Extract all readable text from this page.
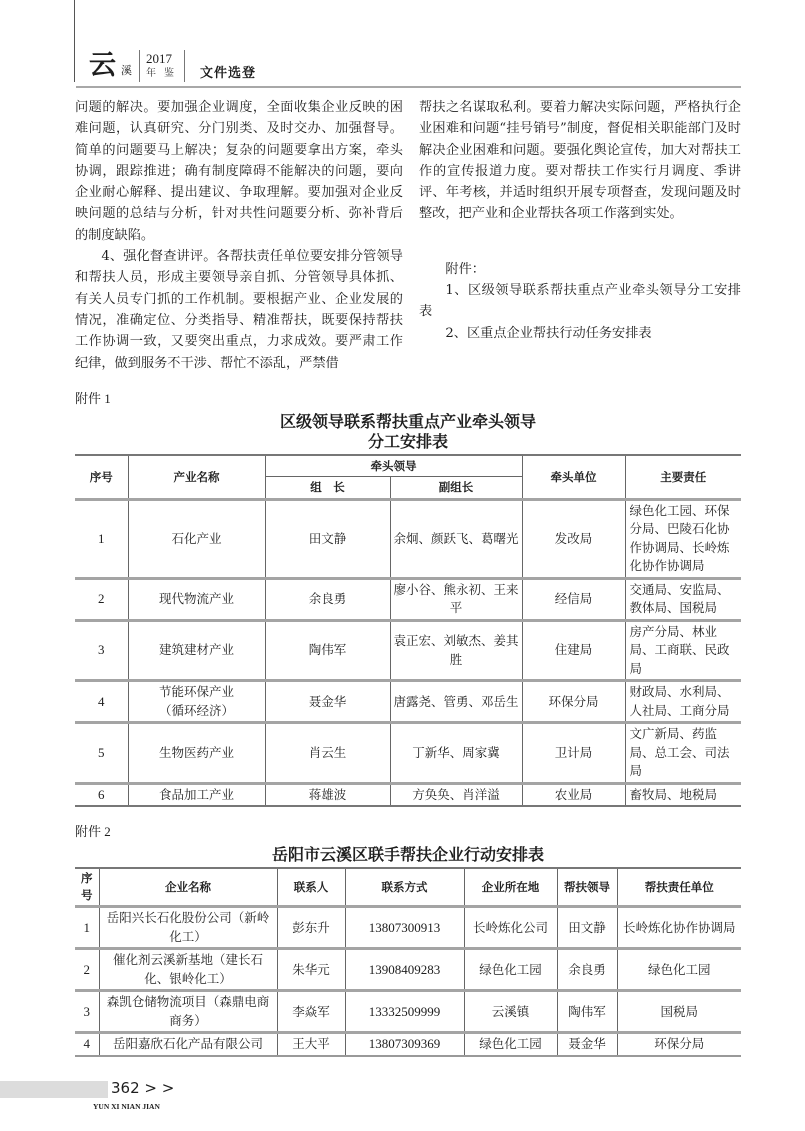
云 溪
2017
年鉴 文件选登

问题的解决。要加强企业调度，全面收集企业反映的困难问题，认真研究、分门别类、及时交办、加强督导。简单的问题要马上解决；复杂的问题要拿出方案，牵头协调，跟踪推进；确有制度障碍不能解决的问题，要向企业耐心解释、提出建议、争取理解。要加强对企业反映问题的总结与分析，针对共性问题要分析、弥补背后的制度缺陷。

4、强化督查讲评。各帮扶责任单位要安排分管领导和帮扶人员，形成主要领导亲自抓、分管领导具体抓、有关人员专门抓的工作机制。要根据产业、企业发展的情况，准确定位、分类指导、精准帮扶，既要保持帮扶工作协调一致，又要突出重点，力求成效。要严肃工作纪律，做到服务不干涉、帮忙不添乱，严禁借

帮扶之名谋取私利。要着力解决实际问题，严格执行企业困难和问题“挂号销号”制度，督促相关职能部门及时解决企业困难和问题。要强化舆论宣传，加大对帮扶工作的宣传报道力度。要对帮扶工作实行月调度、季讲评、年考核，并适时组织开展专项督查，发现问题及时整改，把产业和企业帮扶各项工作落到实处。

附件：

1、区级领导联系帮扶重点产业牵头领导分工安排表

2、区重点企业帮扶行动任务安排表

附件 1
区级领导联系帮扶重点产业牵头领导
分工安排表
序号	产业名称	牵头领导		牵头单位	主要责任
		组　长	副组长		
1	石化产业	田文静	余炯、颜跃飞、葛曙光	发改局	绿色化工园、环保分局、巴陵石化协作协调局、长岭炼化协作协调局
2	现代物流产业	余良勇	廖小谷、熊永初、王来平	经信局	交通局、安监局、教体局、国税局
3	建筑建材产业	陶伟军	袁正宏、刘敏杰、姜其胜	住建局	房产分局、林业局、工商联、民政局
4	节能环保产业
（循环经济）	聂金华	唐露尧、管勇、邓岳生	环保分局	财政局、水利局、人社局、工商分局
5	生物医药产业	肖云生	丁新华、周家冀	卫计局	文广新局、药监局、总工会、司法局
6	食品加工产业	蒋雄波	方奂奂、肖洋溢	农业局	畜牧局、地税局
附件 2
岳阳市云溪区联手帮扶企业行动安排表
序号	企业名称	联系人	联系方式	企业所在地	帮扶领导	帮扶责任单位
1	岳阳兴长石化股份公司（新岭化工）	彭东升	13807300913	长岭炼化公司	田文静	长岭炼化协作协调局
2	催化剂云溪新基地（建长石化、银岭化工）	朱华元	13908409283	绿色化工园	余良勇	绿色化工园
3	森凯仓储物流项目（森鼎电商商务）	李焱军	13332509999	云溪镇	陶伟军	国税局
4	岳阳嘉欣石化产品有限公司	王大平	13807309369	绿色化工园	聂金华	环保分局
362 > >
YUN XI NIAN JIAN
